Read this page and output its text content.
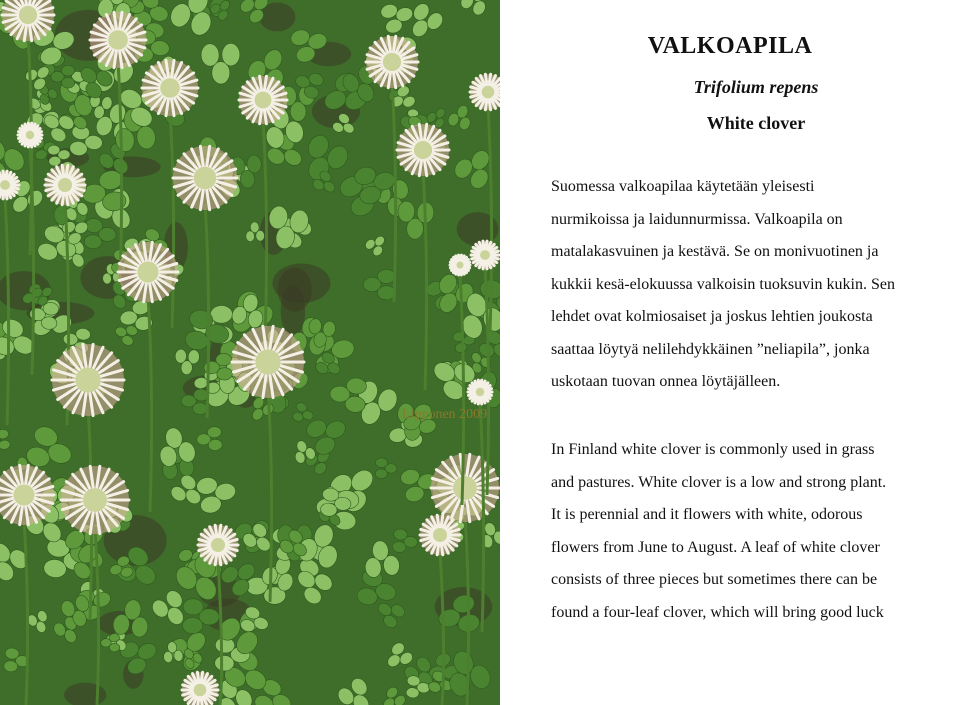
Lipponen 2009
VALKOAPILA
Trifolium repens
White clover

Suomessa valkoapilaa käytetään yleisesti
nurmikoissa ja laidunnurmissa. Valkoapila on
matalakasvuinen ja kestävä. Se on monivuotinen ja
kukkii kesä-elokuussa valkoisin tuoksuvin kukin. Sen
lehdet ovat kolmiosaiset ja joskus lehtien joukosta
saattaa löytyä nelilehdykkäinen ”neliapila”, jonka
uskotaan tuovan onnea löytäjälleen.

In Finland white clover is commonly used in grass
and pastures. White clover is a low and strong plant.
It is perennial and it flowers with white, odorous
flowers from June to August. A leaf of white clover
consists of three pieces but sometimes there can be
found a four-leaf clover, which will bring good luck
